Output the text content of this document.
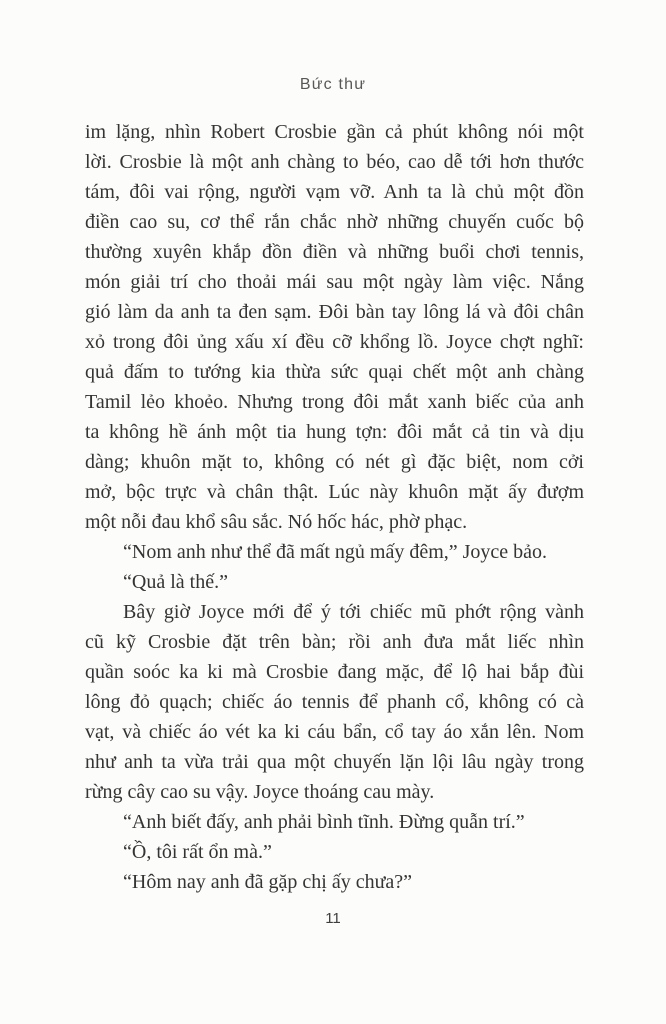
Bức thư
im lặng, nhìn Robert Crosbie gần cả phút không nói một
lời. Crosbie là một anh chàng to béo, cao dễ tới hơn thước
tám, đôi vai rộng, người vạm vỡ. Anh ta là chủ một đồn
điền cao su, cơ thể rắn chắc nhờ những chuyến cuốc bộ
thường xuyên khắp đồn điền và những buổi chơi tennis,
món giải trí cho thoải mái sau một ngày làm việc. Nắng
gió làm da anh ta đen sạm. Đôi bàn tay lông lá và đôi chân
xỏ trong đôi ủng xấu xí đều cỡ khổng lồ. Joyce chợt nghĩ:
quả đấm to tướng kia thừa sức quại chết một anh chàng
Tamil lẻo khoẻo. Nhưng trong đôi mắt xanh biếc của anh
ta không hề ánh một tia hung tợn: đôi mắt cả tin và dịu
dàng; khuôn mặt to, không có nét gì đặc biệt, nom cởi
mở, bộc trực và chân thật. Lúc này khuôn mặt ấy đượm
một nỗi đau khổ sâu sắc. Nó hốc hác, phờ phạc.
“Nom anh như thể đã mất ngủ mấy đêm,” Joyce bảo.
“Quả là thế.”
Bây giờ Joyce mới để ý tới chiếc mũ phớt rộng vành
cũ kỹ Crosbie đặt trên bàn; rồi anh đưa mắt liếc nhìn
quần soóc ka ki mà Crosbie đang mặc, để lộ hai bắp đùi
lông đỏ quạch; chiếc áo tennis để phanh cổ, không có cà
vạt, và chiếc áo vét ka ki cáu bẩn, cổ tay áo xắn lên. Nom
như anh ta vừa trải qua một chuyến lặn lội lâu ngày trong
rừng cây cao su vậy. Joyce thoáng cau mày.
“Anh biết đấy, anh phải bình tĩnh. Đừng quẫn trí.”
“Ồ, tôi rất ổn mà.”
“Hôm nay anh đã gặp chị ấy chưa?”
11
